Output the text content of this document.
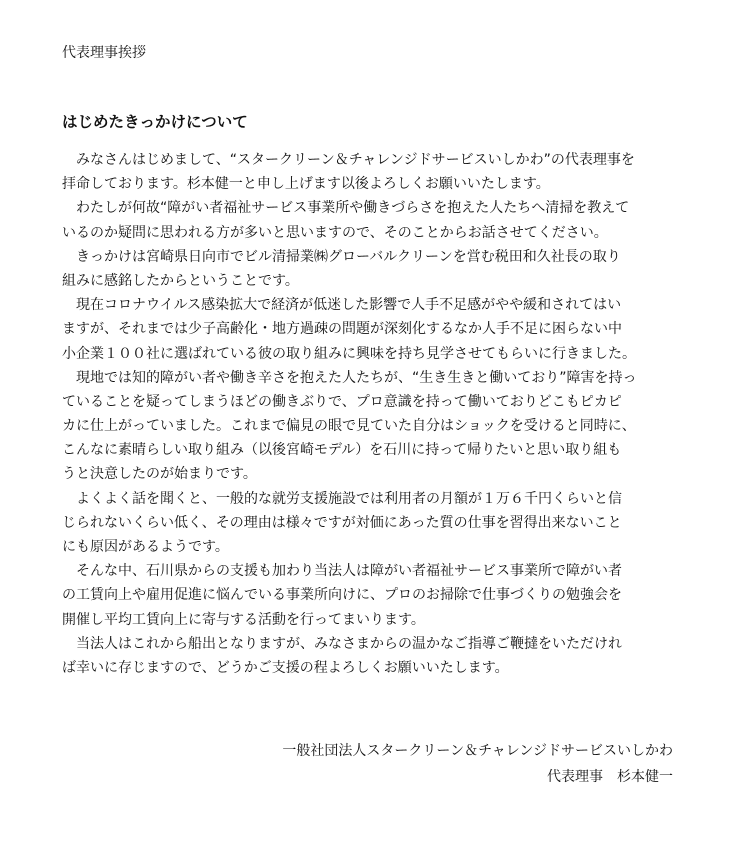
代表理事挨拶
はじめたきっかけについて
みなさんはじめまして、“スタークリーン＆チャレンジドサービスいしかわ”の代表理事を
拝命しております。杉本健一と申し上げます以後よろしくお願いいたします。
わたしが何故“障がい者福祉サービス事業所や働きづらさを抱えた人たちへ清掃を教えて
いるのか疑問に思われる方が多いと思いますので、そのことからお話させてください。
きっかけは宮崎県日向市でビル清掃業㈱グローバルクリーンを営む税田和久社長の取り
組みに感銘したからということです。
現在コロナウイルス感染拡大で経済が低迷した影響で人手不足感がやや緩和されてはい
ますが、それまでは少子高齢化・地方過疎の問題が深刻化するなか人手不足に困らない中
小企業１００社に選ばれている彼の取り組みに興味を持ち見学させてもらいに行きました。
現地では知的障がい者や働き辛さを抱えた人たちが、“生き生きと働いており”障害を持っ
ていることを疑ってしまうほどの働きぶりで、プロ意識を持って働いておりどこもピカピ
カに仕上がっていました。これまで偏見の眼で見ていた自分はショックを受けると同時に、
こんなに素晴らしい取り組み（以後宮崎モデル）を石川に持って帰りたいと思い取り組も
うと決意したのが始まりです。
よくよく話を聞くと、一般的な就労支援施設では利用者の月額が１万６千円くらいと信
じられないくらい低く、その理由は様々ですが対価にあった質の仕事を習得出来ないこと
にも原因があるようです。
そんな中、石川県からの支援も加わり当法人は障がい者福祉サービス事業所で障がい者
の工賃向上や雇用促進に悩んでいる事業所向けに、プロのお掃除で仕事づくりの勉強会を
開催し平均工賃向上に寄与する活動を行ってまいります。
当法人はこれから船出となりますが、みなさまからの温かなご指導ご鞭撻をいただけれ
ば幸いに存じますので、どうかご支援の程よろしくお願いいたします。
一般社団法人スタークリーン＆チャレンジドサービスいしかわ
代表理事 杉本健一
